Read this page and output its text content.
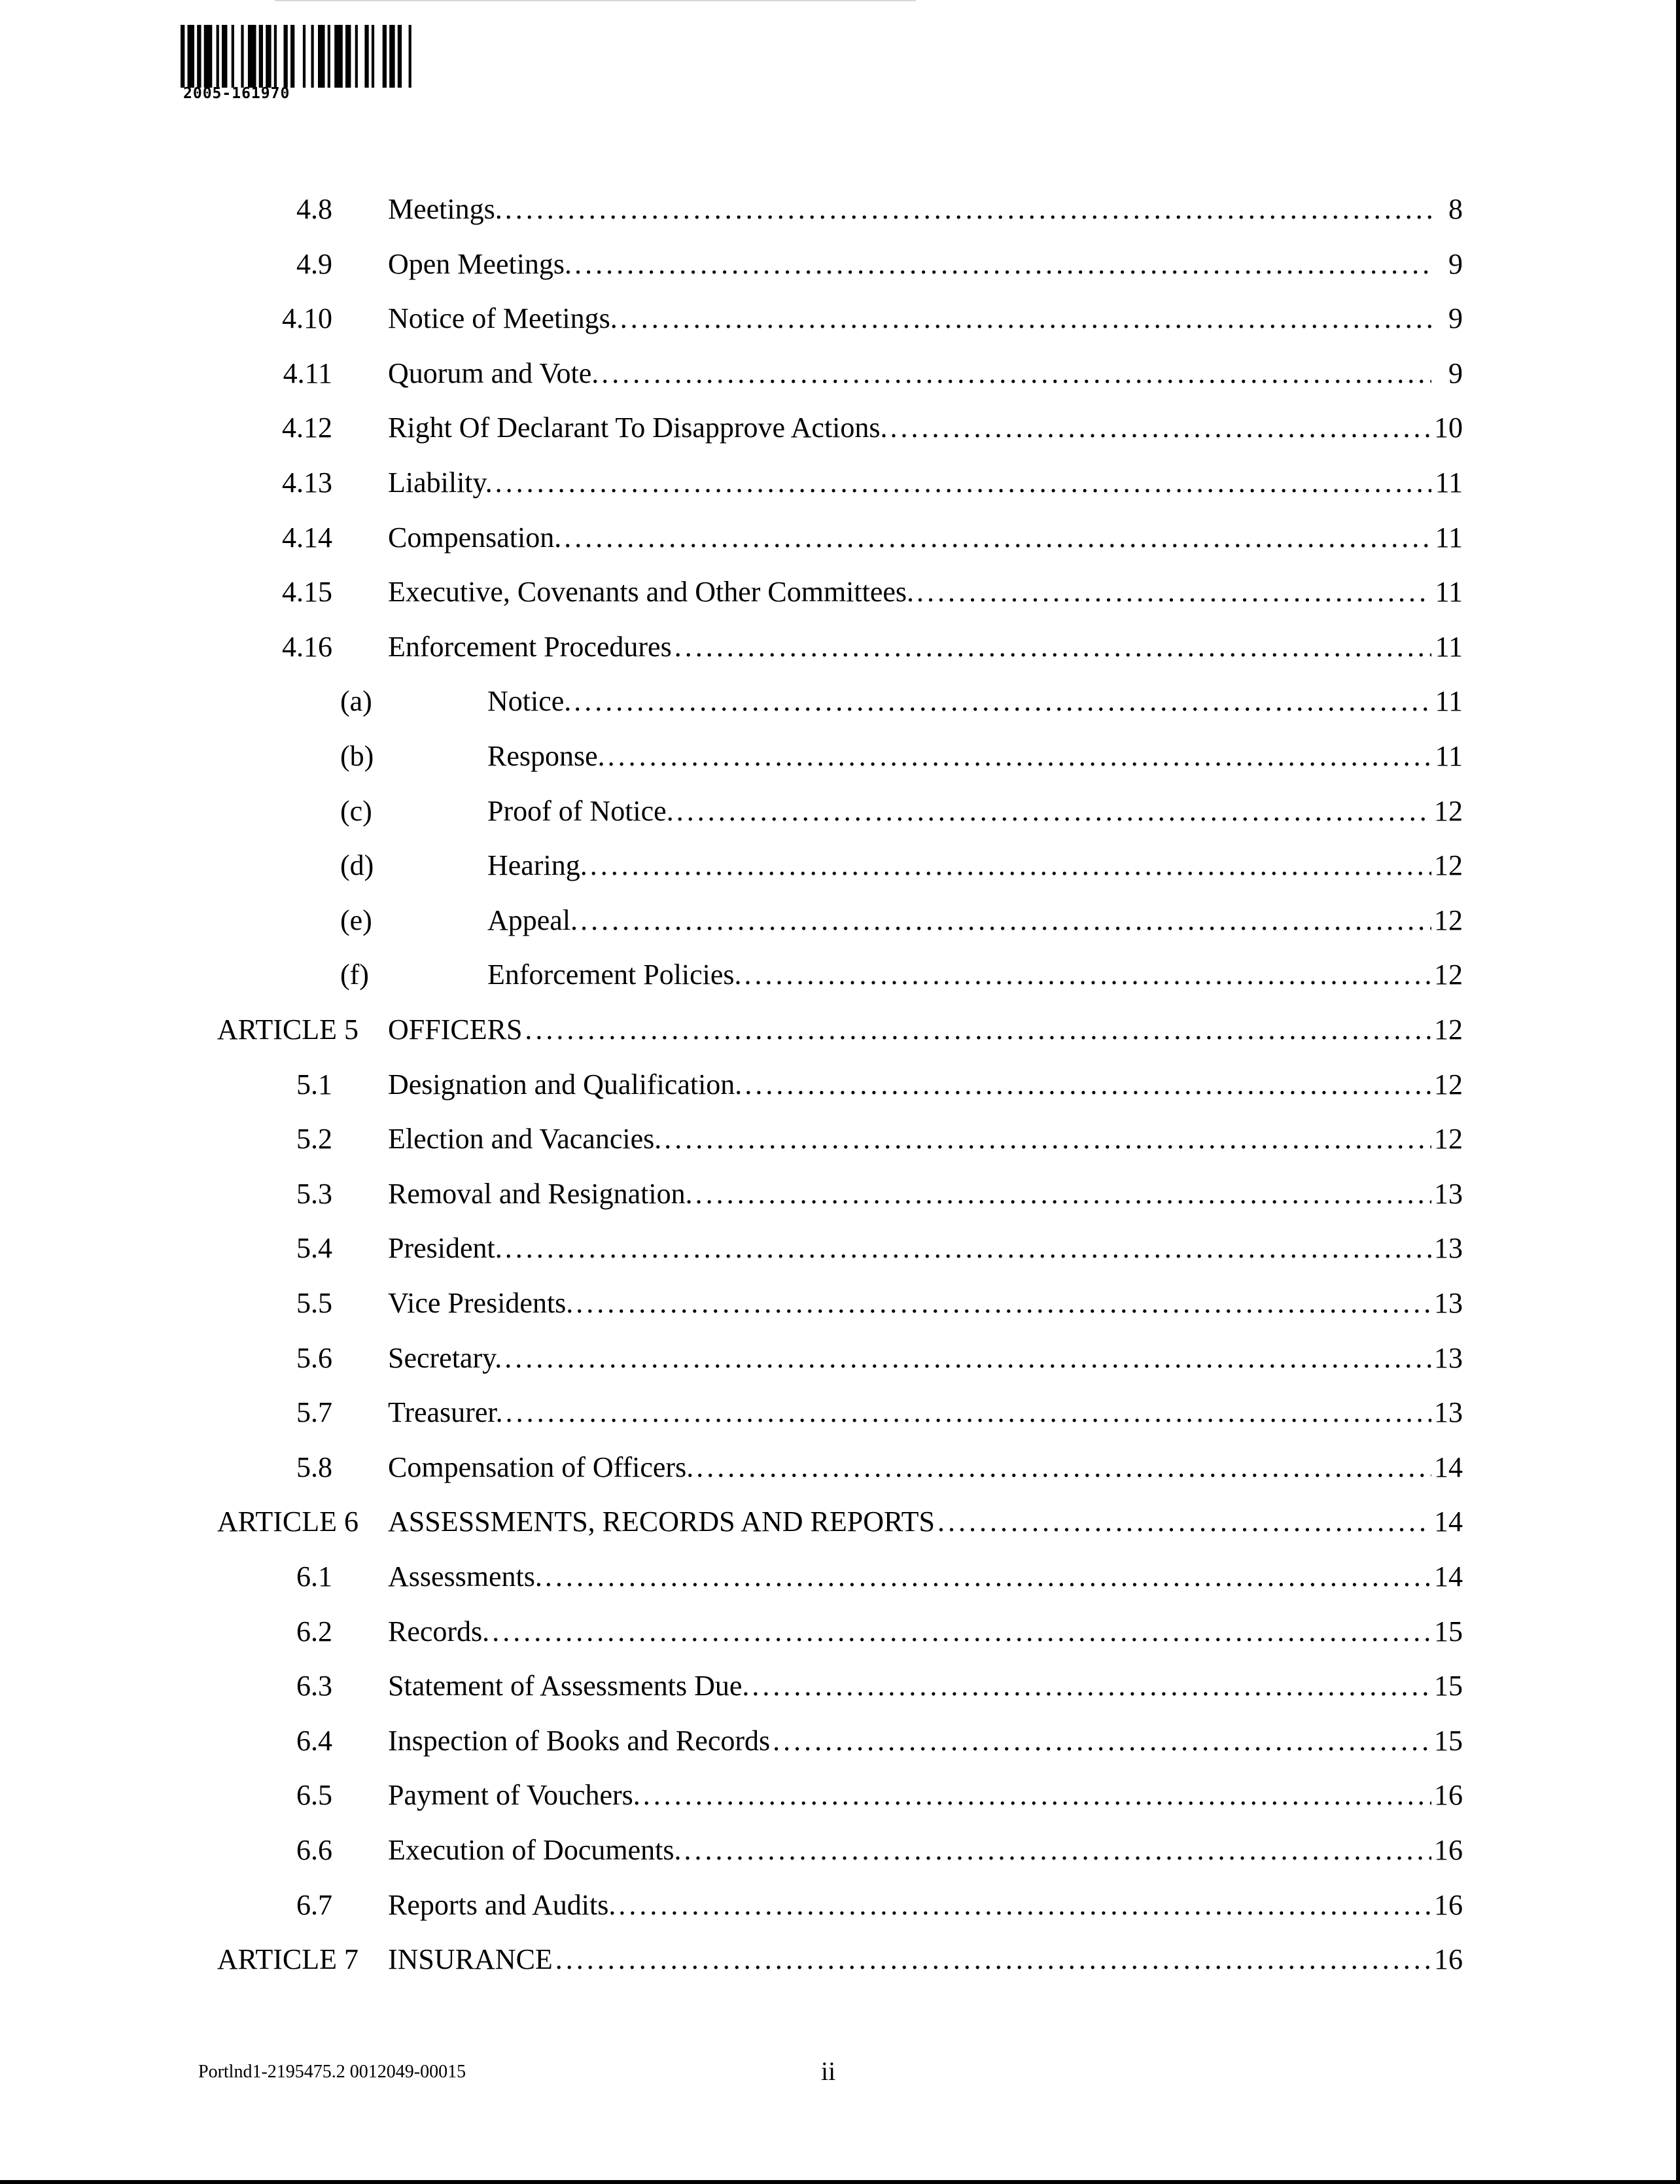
2005-161970
4.8 Meetings. . . .	8
4.9 Open Meetings. . . .	9
4.10 Notice of Meetings. . . .	9
4.11 Quorum and Vote. . . .	9
4.12 Right Of Declarant To Disapprove Actions. . . .	10
4.13 Liability. . . .	11
4.14 Compensation. . . .	11
4.15 Executive, Covenants and Other Committees. . . .	11
4.16 Enforcement Procedures . . .	11
(a)	Notice. . . .	11
(b)	Response. . . .	11
(c)	Proof of Notice. . . .	12
(d)	Hearing. . . .	12
(e)	Appeal. . . .	12
(f)	Enforcement Policies. . . .	12
ARTICLE 5 OFFICERS . . .	12
5.1 Designation and Qualification. . . .	12
5.2 Election and Vacancies. . . .	12
5.3 Removal and Resignation. . . .	13
5.4 President. . . .	13
5.5 Vice Presidents. . . .	13
5.6 Secretary. . . .	13
5.7 Treasurer. . . .	13
5.8 Compensation of Officers. . . .	14
ARTICLE 6 ASSESSMENTS, RECORDS AND REPORTS . . .	14
6.1 Assessments. . . .	14
6.2 Records. . . .	15
6.3 Statement of Assessments Due. . . .	15
6.4 Inspection of Books and Records . . .	15
6.5 Payment of Vouchers. . . .	16
6.6 Execution of Documents. . . .	16
6.7 Reports and Audits. . . .	16
ARTICLE 7 INSURANCE . . .	16
Portlnd1-2195475.2 0012049-00015	ii
